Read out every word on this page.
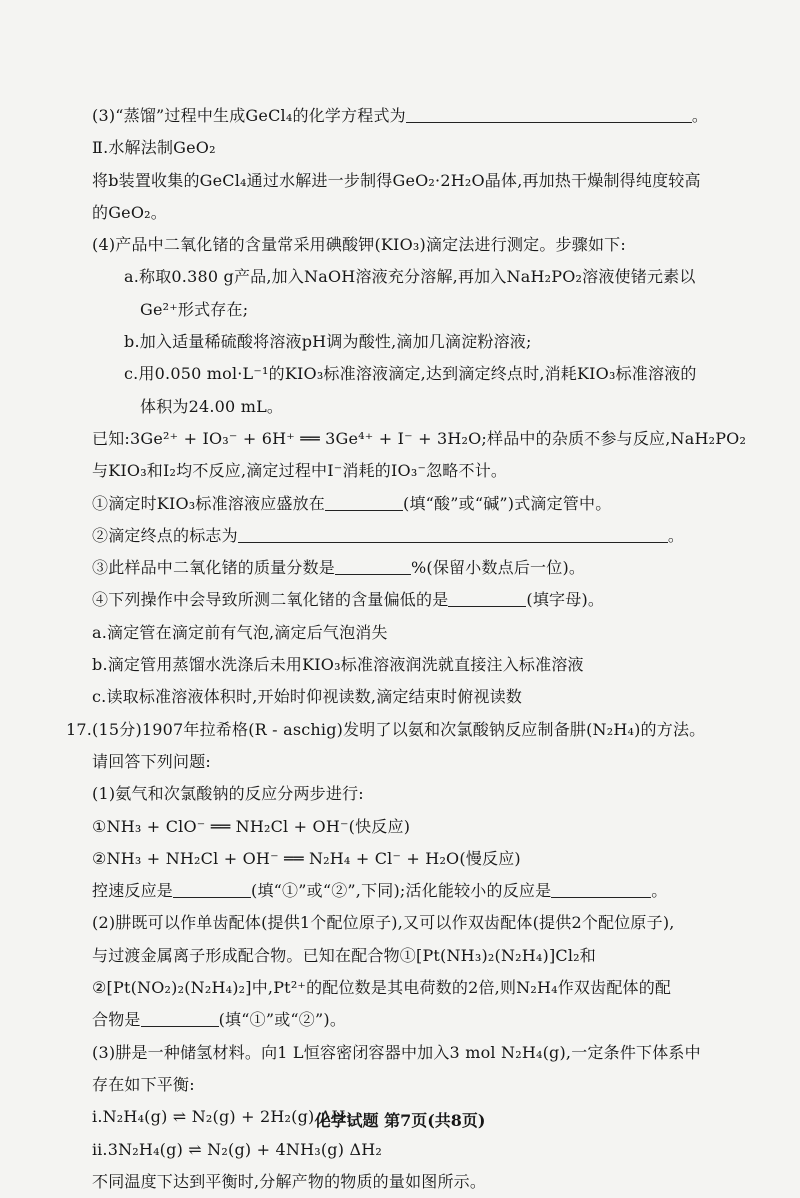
(3)“蒸馏”过程中生成GeCl₄的化学方程式为	。
Ⅱ.水解法制GeO₂
将b装置收集的GeCl₄通过水解进一步制得GeO₂·2H₂O晶体,再加热干燥制得纯度较高
的GeO₂。
(4)产品中二氧化锗的含量常采用碘酸钾(KIO₃)滴定法进行测定。步骤如下:
a.称取0.380 g产品,加入NaOH溶液充分溶解,再加入NaH₂PO₂溶液使锗元素以
Ge²⁺形式存在;
b.加入适量稀硫酸将溶液pH调为酸性,滴加几滴淀粉溶液;
c.用0.050 mol·L⁻¹的KIO₃标准溶液滴定,达到滴定终点时,消耗KIO₃标准溶液的
体积为24.00 mL。
已知:3Ge²⁺ + IO₃⁻ + 6H⁺ ══ 3Ge⁴⁺ + I⁻ + 3H₂O;样品中的杂质不参与反应,NaH₂PO₂
与KIO₃和I₂均不反应,滴定过程中I⁻消耗的IO₃⁻忽略不计。
①滴定时KIO₃标准溶液应盛放在	(填“酸”或“碱”)式滴定管中。
②滴定终点的标志为	。
③此样品中二氧化锗的质量分数是	%(保留小数点后一位)。
④下列操作中会导致所测二氧化锗的含量偏低的是	(填字母)。
a.滴定管在滴定前有气泡,滴定后气泡消失
b.滴定管用蒸馏水洗涤后未用KIO₃标准溶液润洗就直接注入标准溶液
c.读取标准溶液体积时,开始时仰视读数,滴定结束时俯视读数
17.(15分)1907年拉希格(R - aschig)发明了以氨和次氯酸钠反应制备肼(N₂H₄)的方法。
请回答下列问题:
(1)氨气和次氯酸钠的反应分两步进行:
①NH₃ + ClO⁻ ══ NH₂Cl + OH⁻(快反应)
②NH₃ + NH₂Cl + OH⁻ ══ N₂H₄ + Cl⁻ + H₂O(慢反应)
控速反应是	(填“①”或“②”,下同);活化能较小的反应是	。
(2)肼既可以作单齿配体(提供1个配位原子),又可以作双齿配体(提供2个配位原子),
与过渡金属离子形成配合物。已知在配合物①[Pt(NH₃)₂(N₂H₄)]Cl₂和
②[Pt(NO₂)₂(N₂H₄)₂]中,Pt²⁺的配位数是其电荷数的2倍,则N₂H₄作双齿配体的配
合物是	(填“①”或“②”)。
(3)肼是一种储氢材料。向1 L恒容密闭容器中加入3 mol N₂H₄(g),一定条件下体系中
存在如下平衡:
ⅰ.N₂H₄(g) ⇌ N₂(g) + 2H₂(g) ΔH₁
ⅱ.3N₂H₄(g) ⇌ N₂(g) + 4NH₃(g) ΔH₂
不同温度下达到平衡时,分解产物的物质的量如图所示。
化学试题 第7页(共8页)
